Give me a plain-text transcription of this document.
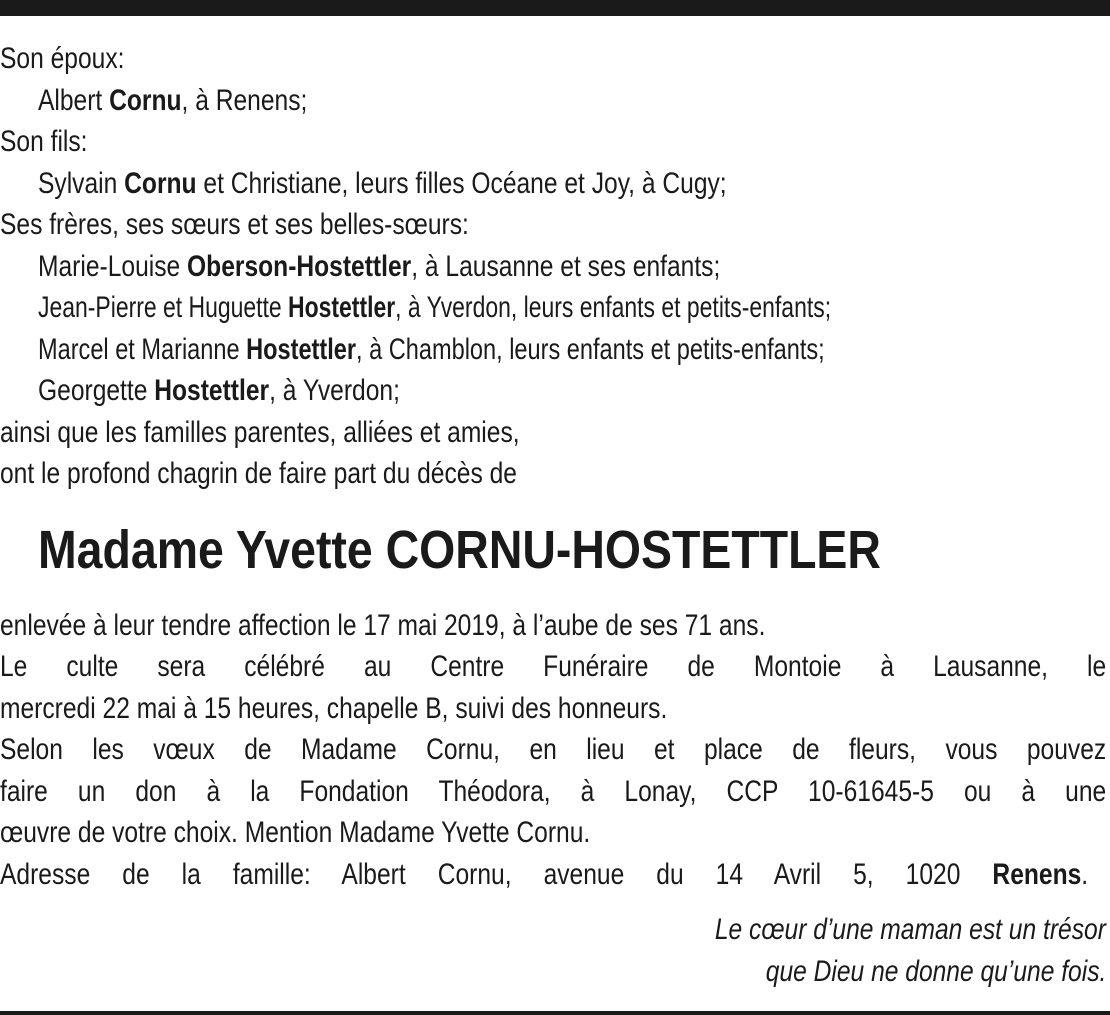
Son époux:
Albert Cornu, à Renens;
Son fils:
Sylvain Cornu et Christiane, leurs filles Océane et Joy, à Cugy;
Ses frères, ses sœurs et ses belles-sœurs:
Marie-Louise Oberson-Hostettler, à Lausanne et ses enfants;
Jean-Pierre et Huguette Hostettler, à Yverdon, leurs enfants et petits-enfants;
Marcel et Marianne Hostettler, à Chamblon, leurs enfants et petits-enfants;
Georgette Hostettler, à Yverdon;
ainsi que les familles parentes, alliées et amies,
ont le profond chagrin de faire part du décès de
Madame Yvette CORNU-HOSTETTLER
enlevée à leur tendre affection le 17 mai 2019, à l’aube de ses 71 ans.
Le culte sera célébré au Centre Funéraire de Montoie à Lausanne, le
mercredi 22 mai à 15 heures, chapelle B, suivi des honneurs.
Selon les vœux de Madame Cornu, en lieu et place de fleurs, vous pouvez
faire un don à la Fondation Théodora, à Lonay, CCP 10-61645-5 ou à une
œuvre de votre choix. Mention Madame Yvette Cornu.
Adresse de la famille: Albert Cornu, avenue du 14 Avril 5, 1020 Renens.
Le cœur d’une maman est un trésor
que Dieu ne donne qu’une fois.
